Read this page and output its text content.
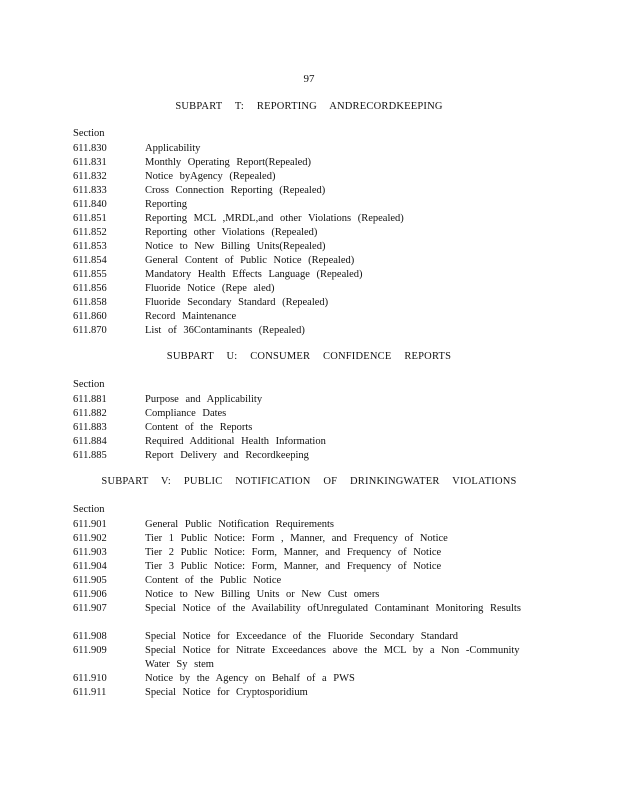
97
SUBPART T: REPORTING ANDRECORDKEEPING
Section
611.830	Applicability
611.831	Monthly Operating Report(Repealed)
611.832	Notice byAgency (Repealed)
611.833	Cross Connection Reporting (Repealed)
611.840	Reporting
611.851	Reporting MCL ,MRDL,and other Violations (Repealed)
611.852	Reporting other Violations (Repealed)
611.853	Notice to New Billing Units(Repealed)
611.854	General Content of Public Notice (Repealed)
611.855	Mandatory Health Effects Language (Repealed)
611.856	Fluoride Notice (Repe aled)
611.858	Fluoride Secondary Standard (Repealed)
611.860	Record Maintenance
611.870	List of 36Contaminants (Repealed)
SUBPART U: CONSUMER CONFIDENCE REPORTS
Section
611.881	Purpose and Applicability
611.882	Compliance Dates
611.883	Content of the Reports
611.884	Required Additional Health Information
611.885	Report Delivery and Recordkeeping
SUBPART V: PUBLIC NOTIFICATION OF DRINKINGWATER VIOLATIONS
Section
611.901	General Public Notification Requirements
611.902	Tier 1 Public Notice: Form , Manner, and Frequency of Notice
611.903	Tier 2 Public Notice: Form, Manner, and Frequency of Notice
611.904	Tier 3 Public Notice: Form, Manner, and Frequency of Notice
611.905	Content of the Public Notice
611.906	Notice to New Billing Units or New Cust omers
611.907	Special Notice of the Availability ofUnregulated Contaminant Monitoring Results
611.908	Special Notice for Exceedance of the Fluoride Secondary Standard
611.909	Special Notice for Nitrate Exceedances above the MCL by a Non -Community Water Sy stem
611.910	Notice by the Agency on Behalf of a PWS
611.911	Special Notice for Cryptosporidium
